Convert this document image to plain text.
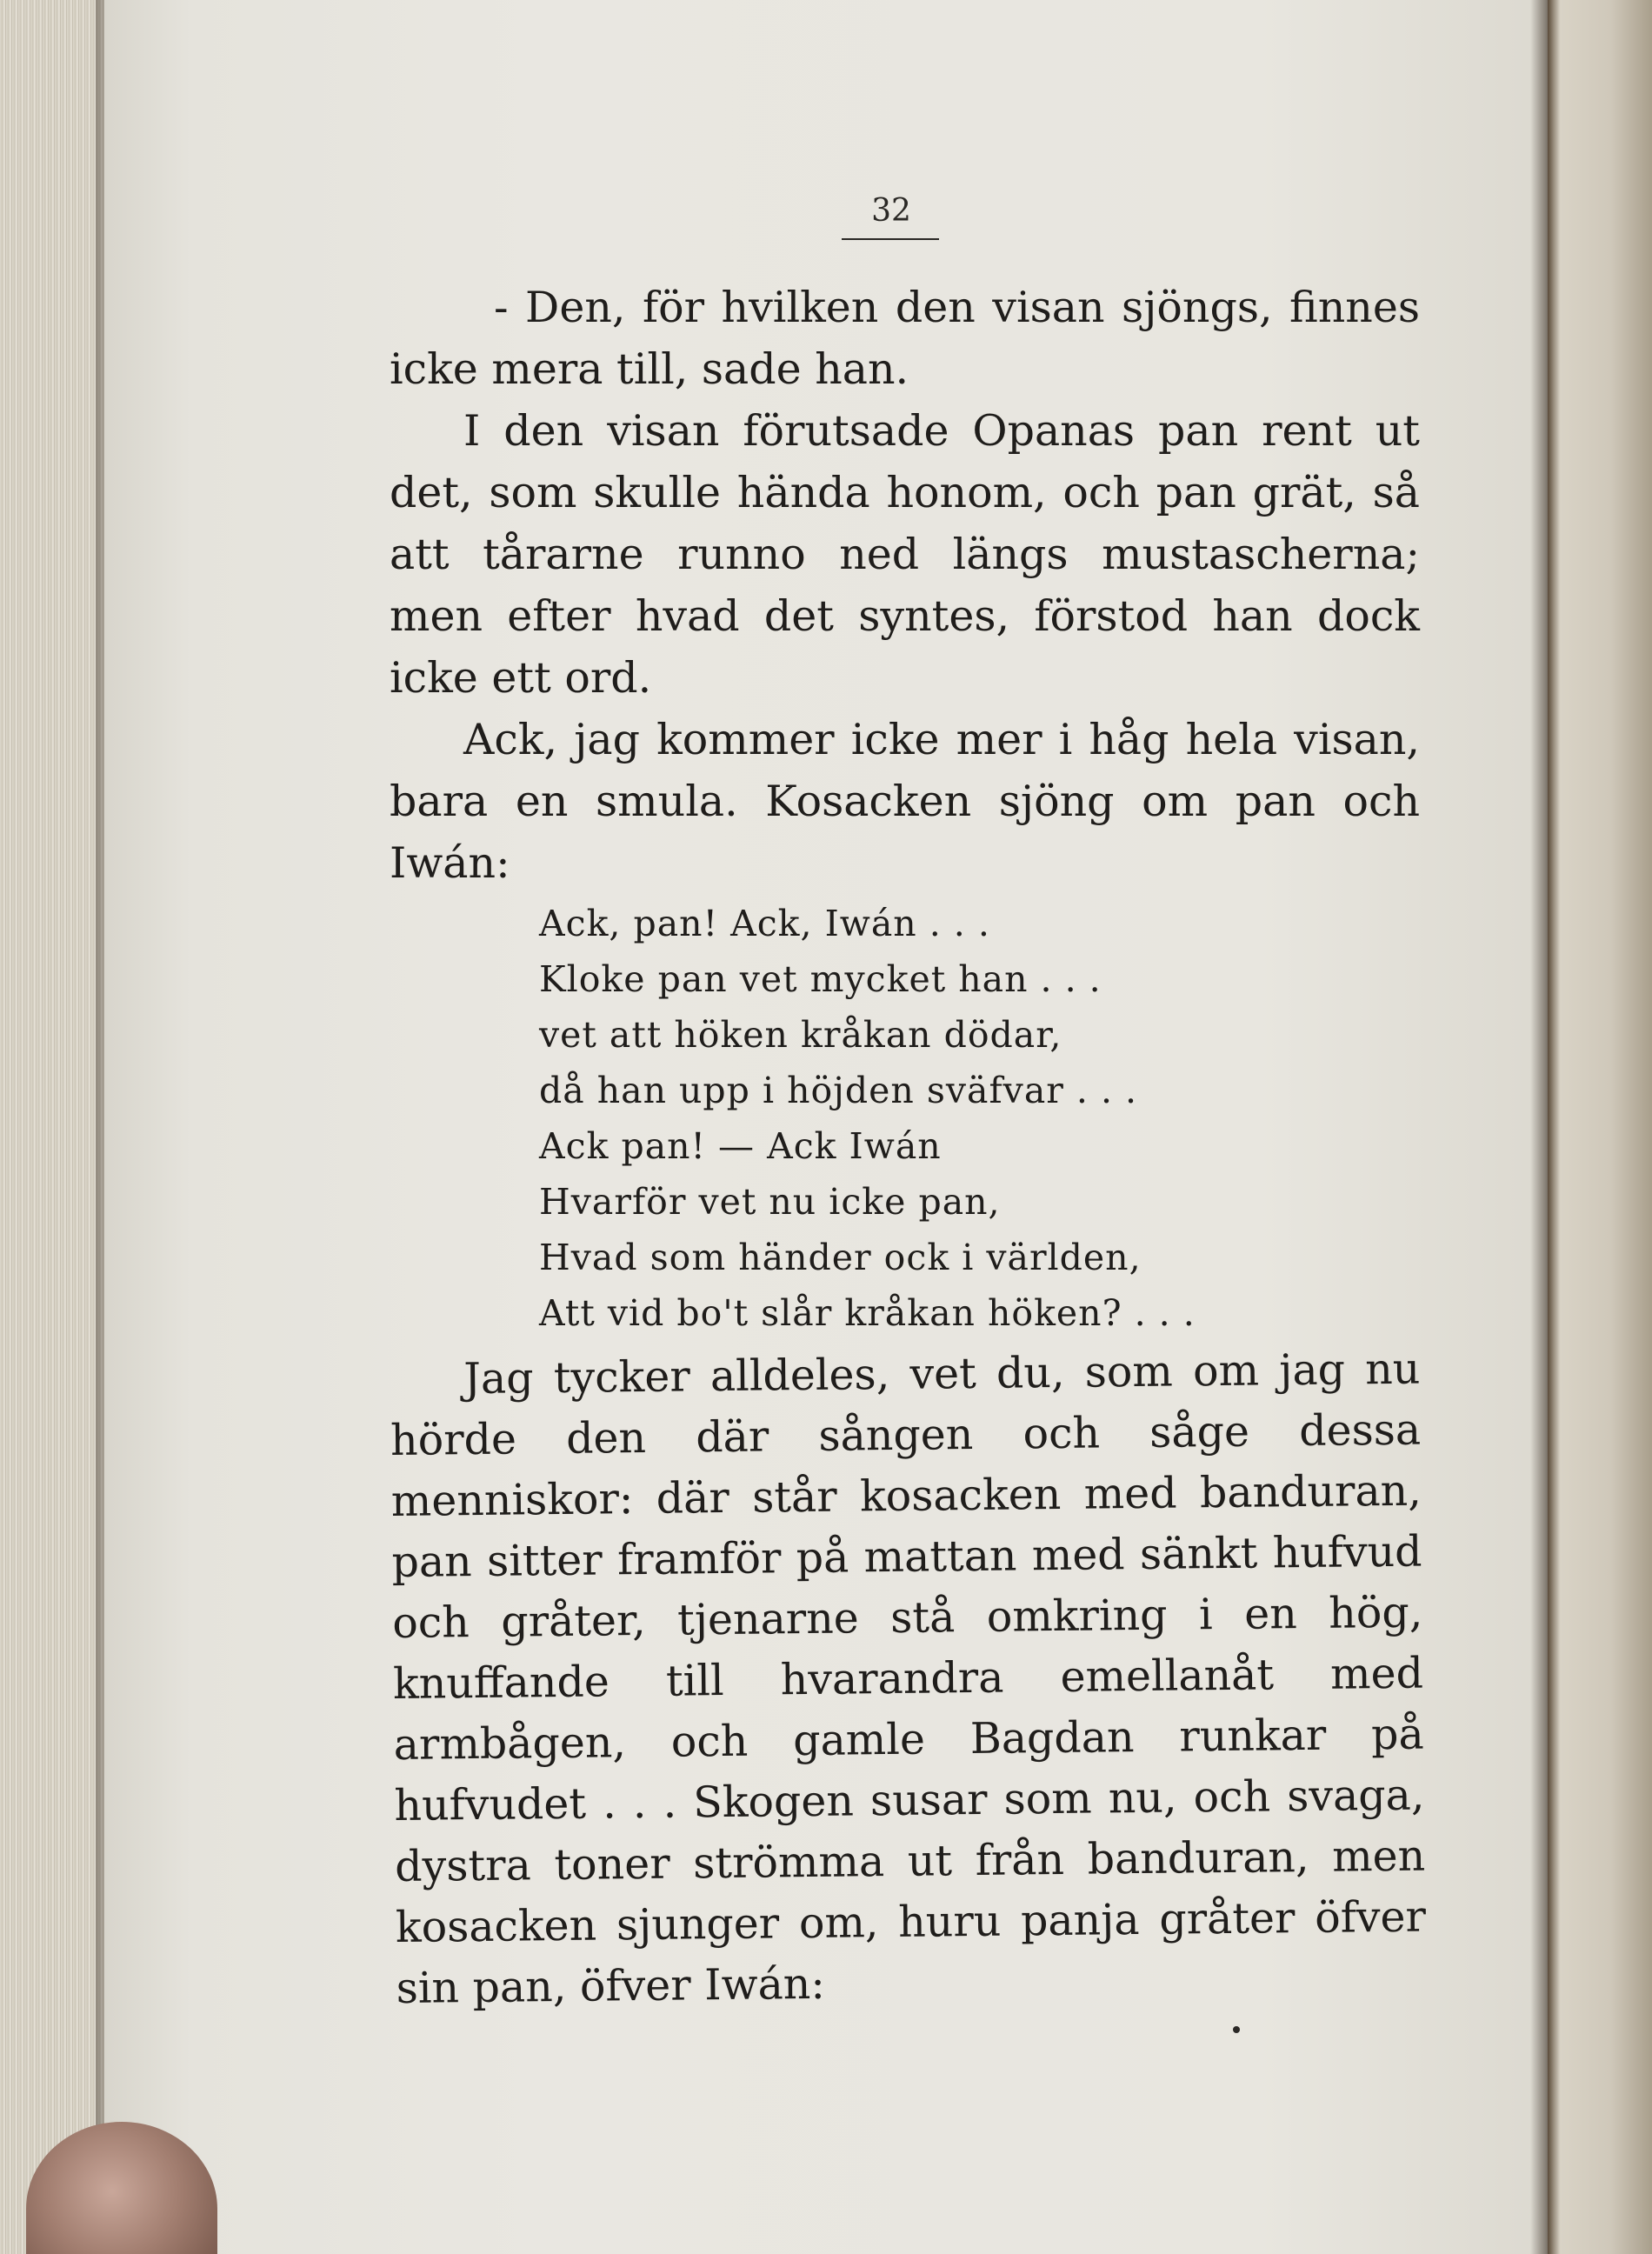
32

- Den, för hvilken den visan sjöngs, finnes icke mera till, sade han.

I den visan förutsade Opanas pan rent ut det, som skulle hända honom, och pan grät, så att tårarne runno ned längs mustascherna; men efter hvad det syntes, förstod han dock icke ett ord.

Ack, jag kommer icke mer i håg hela visan, bara en smula. Kosacken sjöng om pan och Iwán:

Ack, pan! Ack, Iwán . . .
Kloke pan vet mycket han . . .
vet att höken kråkan dödar,
då han upp i höjden sväfvar . . .
Ack pan! — Ack Iwán
Hvarför vet nu icke pan,
Hvad som händer ock i världen,
Att vid bo't slår kråkan höken? . . .

Jag tycker alldeles, vet du, som om jag nu hörde den där sången och såge dessa menniskor: där står kosacken med banduran, pan sitter framför på mattan med sänkt hufvud och gråter, tjenarne stå omkring i en hög, knuffande till hvarandra emellanåt med armbågen, och gamle Bagdan runkar på hufvudet . . . Skogen susar som nu, och svaga, dystra toner strömma ut från banduran, men kosacken sjunger om, huru panja gråter öfver sin pan, öfver Iwán:
